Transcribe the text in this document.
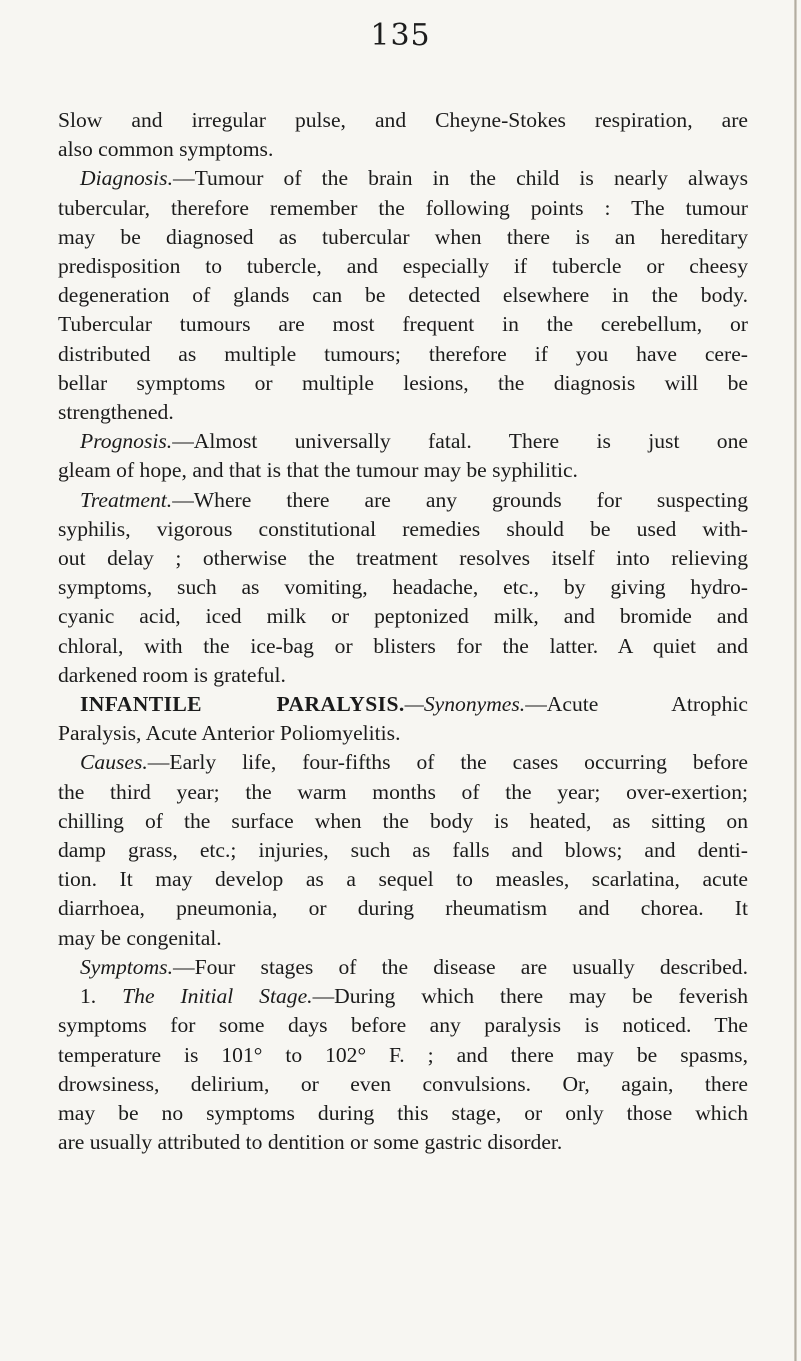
135
Slow and irregular pulse, and Cheyne-Stokes respiration, are
also common symptoms.
Diagnosis.—Tumour of the brain in the child is nearly always
tubercular, therefore remember the following points : The tumour
may be diagnosed as tubercular when there is an hereditary
predisposition to tubercle, and especially if tubercle or cheesy
degeneration of glands can be detected elsewhere in the body.
Tubercular tumours are most frequent in the cerebellum, or
distributed as multiple tumours; therefore if you have cere-
bellar symptoms or multiple lesions, the diagnosis will be
strengthened.
Prognosis.—Almost universally fatal. There is just one
gleam of hope, and that is that the tumour may be syphilitic.
Treatment.—Where there are any grounds for suspecting
syphilis, vigorous constitutional remedies should be used with-
out delay ; otherwise the treatment resolves itself into relieving
symptoms, such as vomiting, headache, etc., by giving hydro-
cyanic acid, iced milk or peptonized milk, and bromide and
chloral, with the ice-bag or blisters for the latter. A quiet and
darkened room is grateful.
INFANTILE PARALYSIS.—Synonymes.—Acute Atrophic
Paralysis, Acute Anterior Poliomyelitis.
Causes.—Early life, four-fifths of the cases occurring before
the third year; the warm months of the year; over-exertion;
chilling of the surface when the body is heated, as sitting on
damp grass, etc.; injuries, such as falls and blows; and denti-
tion. It may develop as a sequel to measles, scarlatina, acute
diarrhoea, pneumonia, or during rheumatism and chorea. It
may be congenital.
Symptoms.—Four stages of the disease are usually described.
1. The Initial Stage.—During which there may be feverish
symptoms for some days before any paralysis is noticed. The
temperature is 101° to 102° F. ; and there may be spasms,
drowsiness, delirium, or even convulsions. Or, again, there
may be no symptoms during this stage, or only those which
are usually attributed to dentition or some gastric disorder.
